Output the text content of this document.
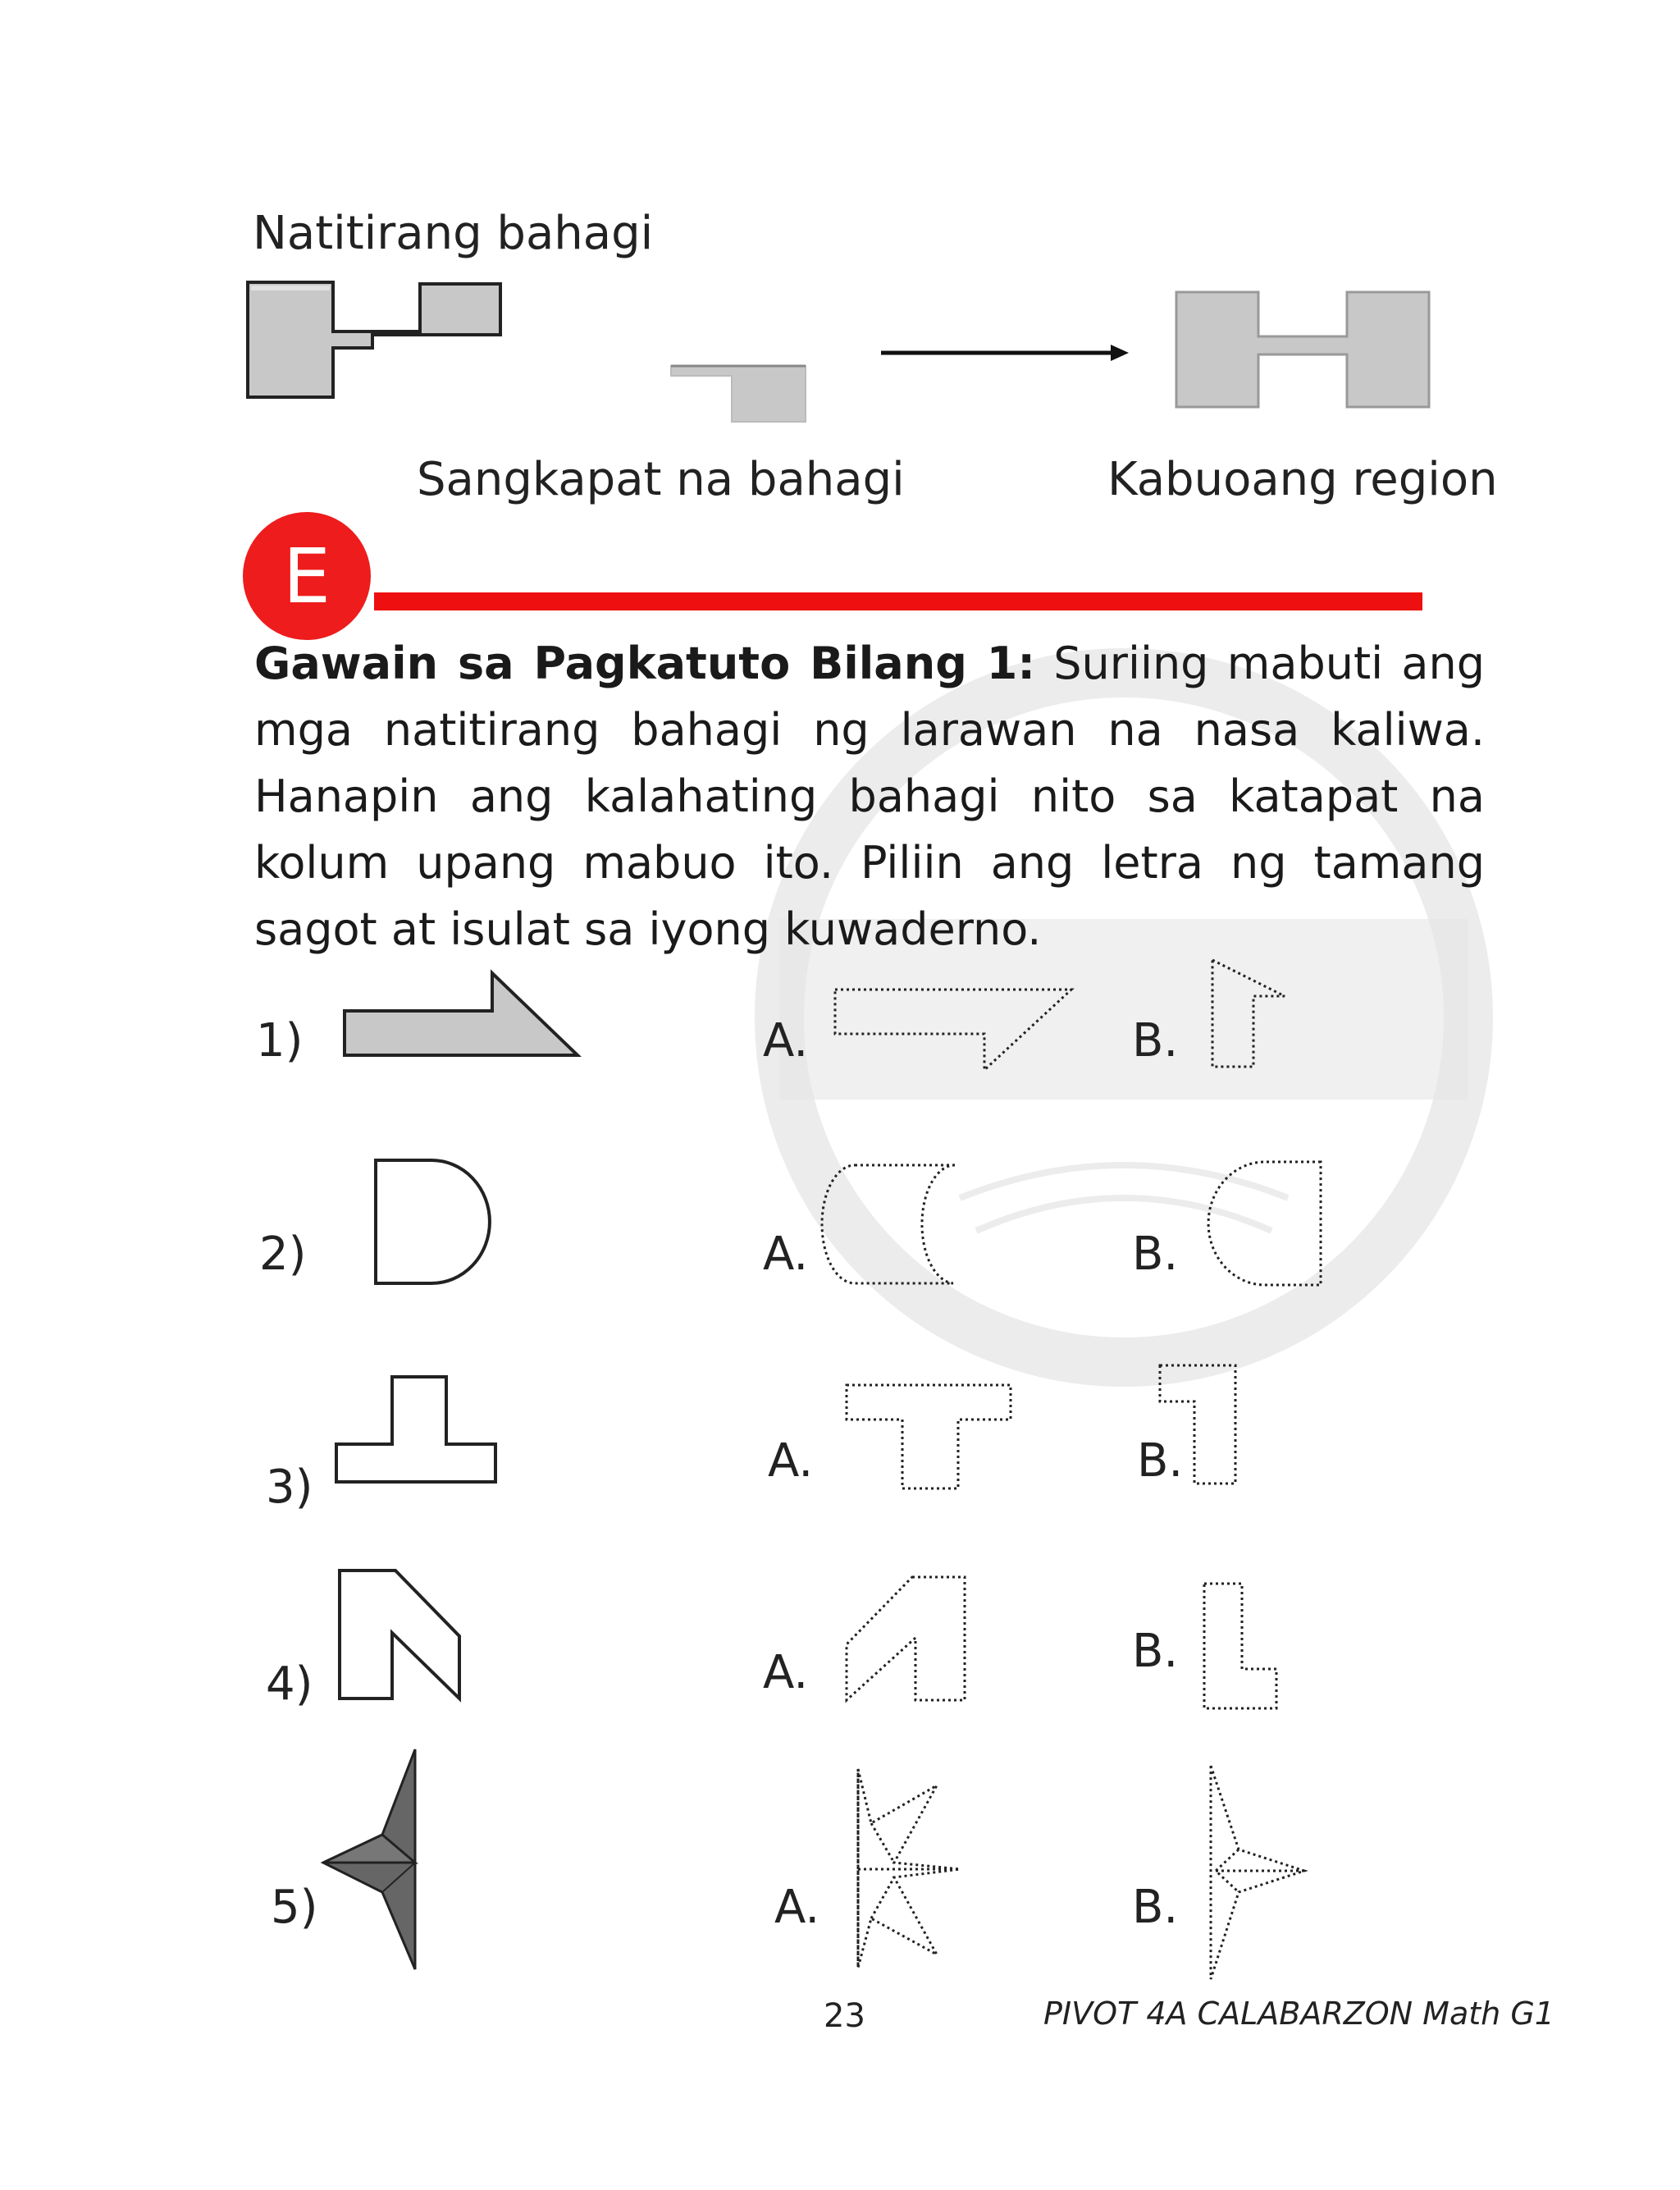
Natitirang bahagi
Sangkapat na bahagi	Kabuoang region
E
Gawain sa Pagkatuto Bilang 1: Suriing mabuti ang mga natitirang bahagi ng larawan na nasa kaliwa. Hanapin ang kalahating bahagi nito sa katapat na kolum upang mabuo ito. Piliin ang letra ng tamang sagot at isulat sa iyong kuwaderno.
1)	A.	B.
2)	A.	B.
3)	A.	B.
4)	A.	B.
5)	A.	B.
23	PIVOT 4A CALABARZON Math G1
